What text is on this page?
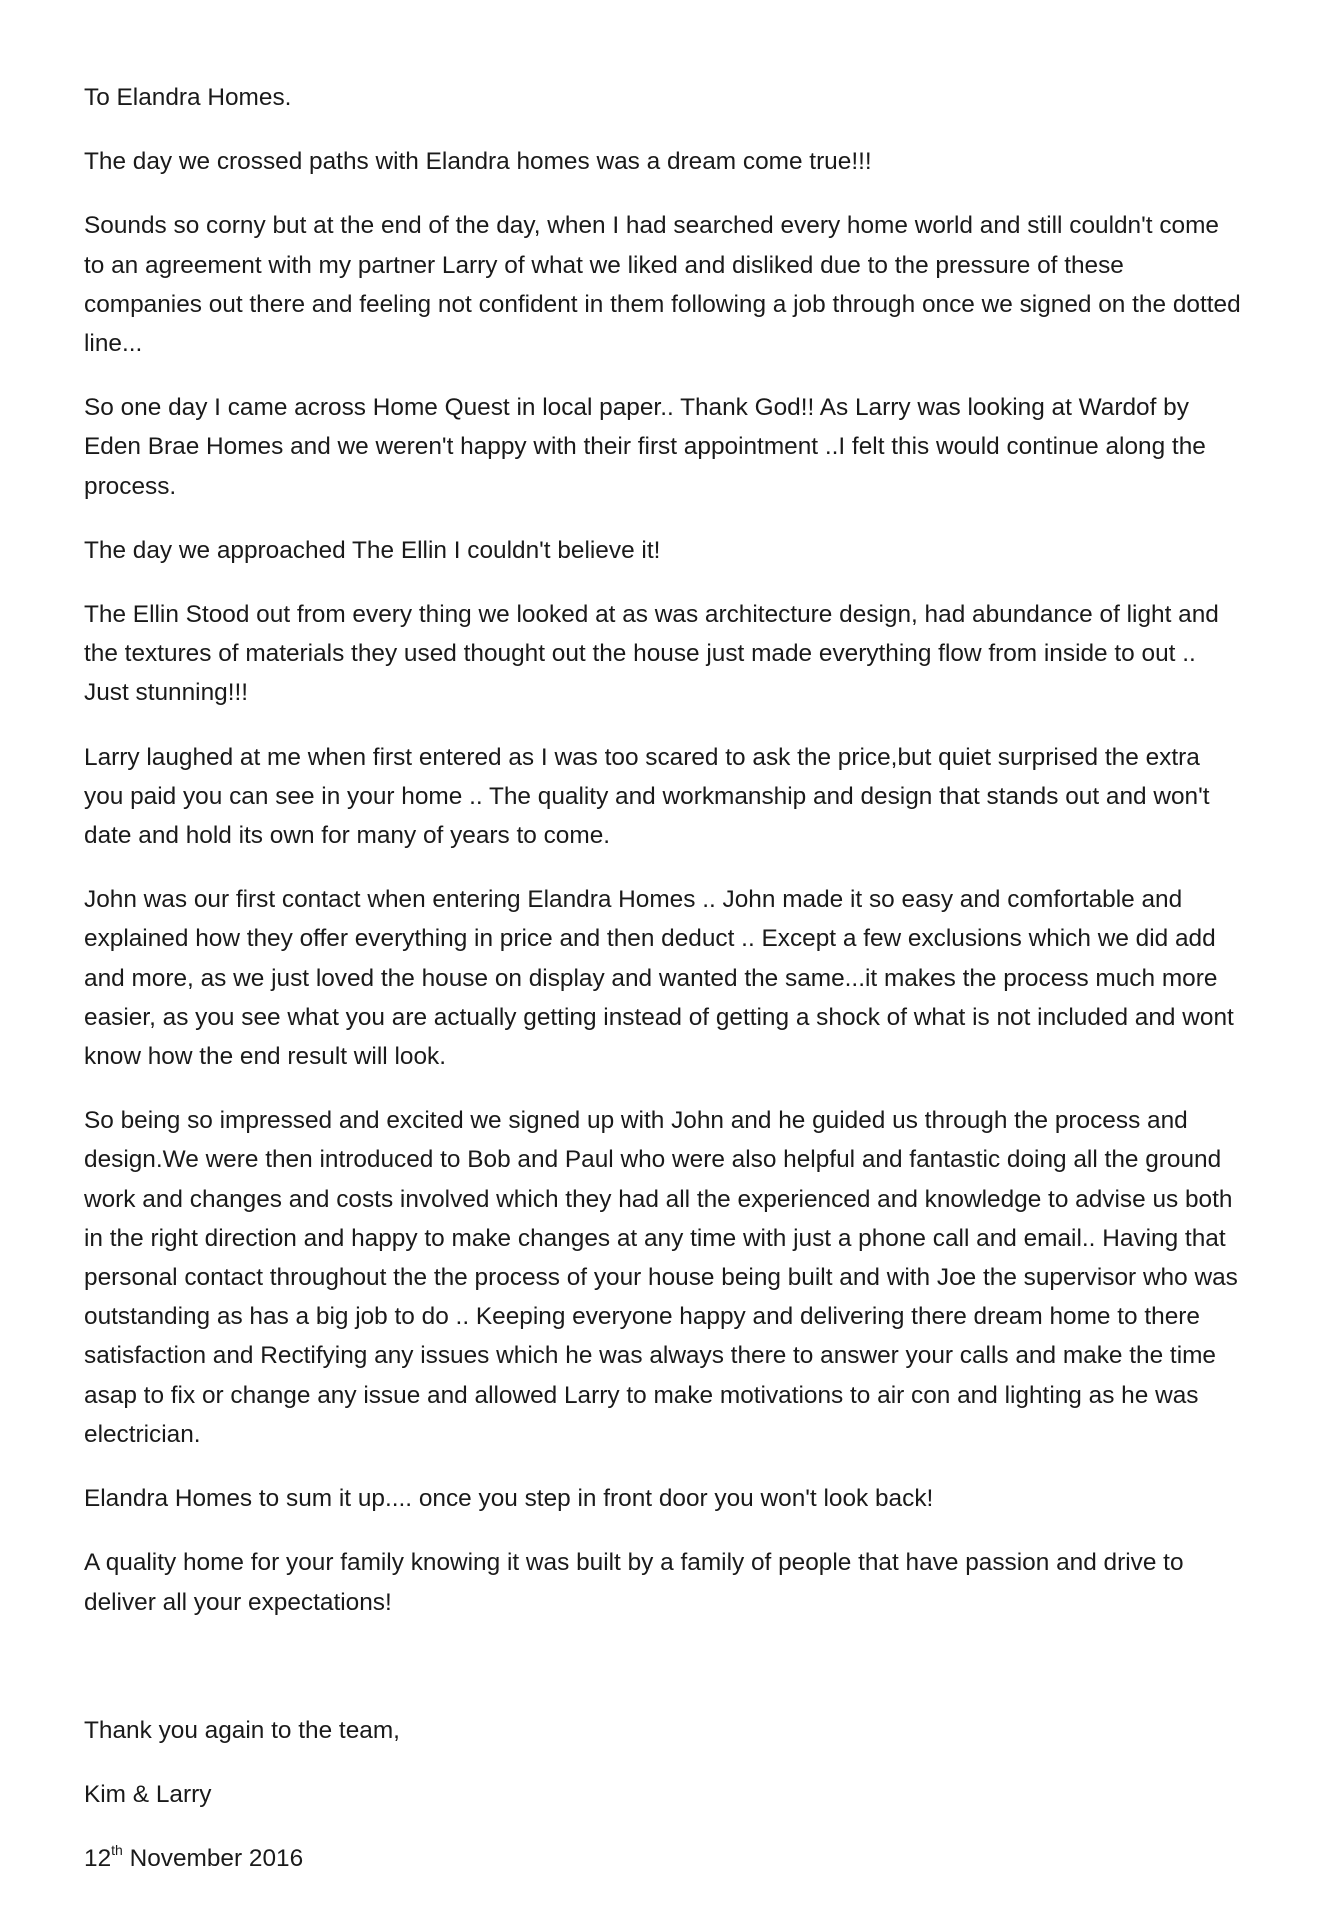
To Elandra Homes.

The day we crossed paths with Elandra homes was a dream come true!!!

Sounds so corny but at the end of the day, when I had searched every home world and still couldn't come to an agreement with my partner Larry of what we liked and disliked due to the pressure of these companies out there and feeling not confident in them following a job through once we signed on the dotted line...

So one day I came across Home Quest in local paper.. Thank God!! As Larry was looking at Wardof by Eden Brae Homes and we weren't happy with their first appointment ..I felt this would continue along the process.

The day we approached The Ellin I couldn't believe it!

The Ellin Stood out from every thing we looked at as was architecture design, had abundance of light and the textures of materials they used thought out the house just made everything flow from inside to out .. Just stunning!!!

Larry laughed at me when first entered as I was too scared to ask the price,but quiet surprised the extra you paid you can see in your home .. The quality and workmanship and design that stands out and won't date and hold its own for many of years to come.

John was our first contact when entering Elandra Homes .. John made it so easy and comfortable and explained how they offer everything in price and then deduct .. Except a few exclusions which we did add and more, as we just loved the house on display and wanted the same...it makes the process much more easier, as you see what you are actually getting instead of getting a shock of what is not included and wont know how the end result will look.

So being so impressed and excited we signed up with John and he guided us through the process and design.We were then introduced to Bob and Paul who were also helpful and fantastic doing all the ground work and changes and costs involved which they had all the experienced and knowledge to advise us both in the right direction and happy to make changes at any time with just a phone call and email.. Having that personal contact throughout the the process of your house being built and with Joe the supervisor who was outstanding as has a big job to do .. Keeping everyone happy and delivering there dream home to there satisfaction and Rectifying any issues which he was always there to answer your calls and make the time asap to fix or change any issue and allowed Larry to make motivations to air con and lighting as he was electrician.

Elandra Homes to sum it up.... once you step in front door you won't look back!

A quality home for your family knowing it was built by a family of people that have passion and drive to deliver all your expectations!

Thank you again to the team,

Kim & Larry

12th November 2016
